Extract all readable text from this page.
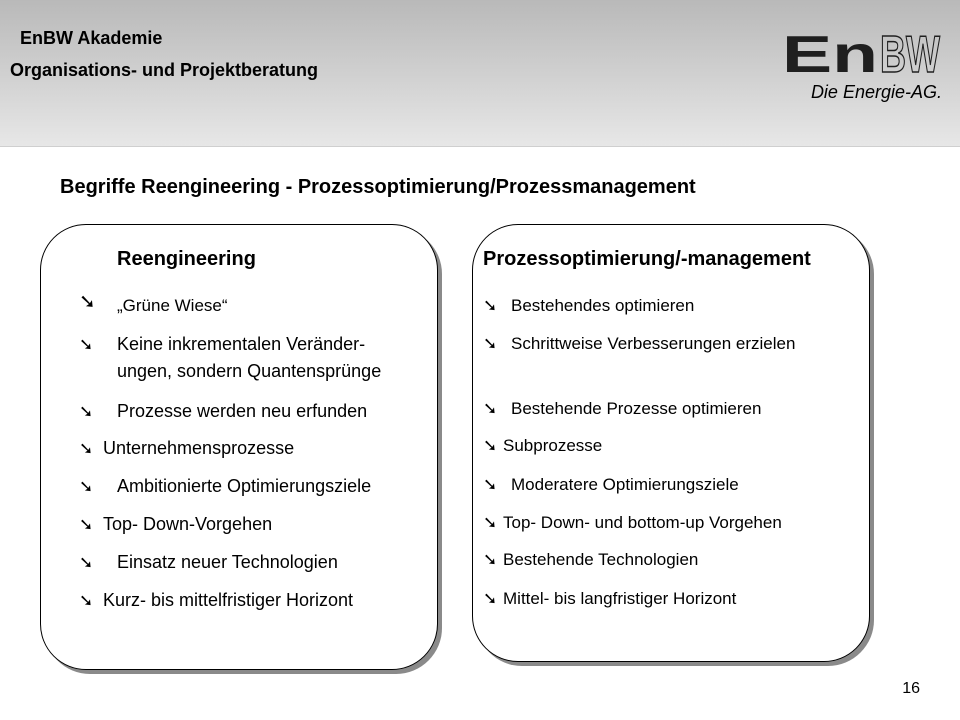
EnBW Akademie
Organisations- und Projektberatung	En BW
Die Energie-AG.
Begriffe Reengineering - Prozessoptimierung/Prozessmanagement
Reengineering
➘ „Grüne Wiese“
➘ Keine inkrementalen Veränder-
ungen, sondern Quantensprünge
➘ Prozesse werden neu erfunden
➘ Unternehmensprozesse
➘ Ambitionierte Optimierungsziele
➘ Top- Down-Vorgehen
➘ Einsatz neuer Technologien
➘ Kurz- bis mittelfristiger Horizont
Prozessoptimierung/-management
➘ Bestehendes optimieren
➘ Schrittweise Verbesserungen erzielen
➘ Bestehende Prozesse optimieren
➘ Subprozesse
➘ Moderatere Optimierungsziele
➘ Top- Down- und bottom-up Vorgehen
➘ Bestehende Technologien
➘ Mittel- bis langfristiger Horizont
16
